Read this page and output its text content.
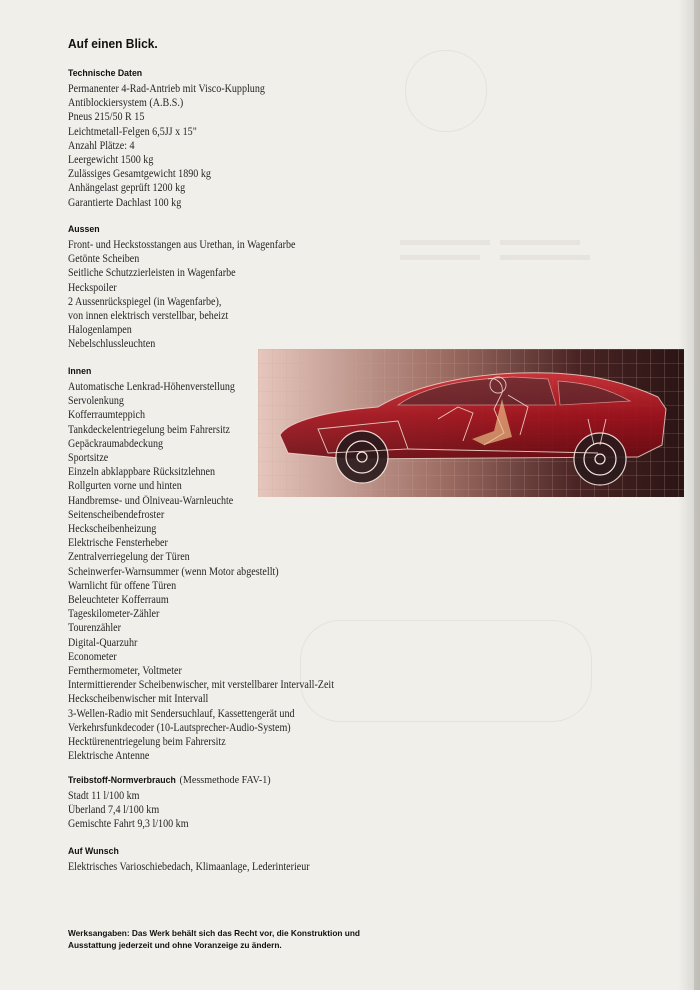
Auf einen Blick.
Technische Daten
Permanenter 4-Rad-Antrieb mit Visco-Kupplung
Antiblockiersystem (A.B.S.)
Pneus 215/50 R 15
Leichtmetall-Felgen 6,5JJ x 15"
Anzahl Plätze: 4
Leergewicht 1500 kg
Zulässiges Gesamtgewicht 1890 kg
Anhängelast geprüft 1200 kg
Garantierte Dachlast 100 kg
Aussen
Front- und Heckstosstangen aus Urethan, in Wagenfarbe
Getönte Scheiben
Seitliche Schutzzierleisten in Wagenfarbe
Heckspoiler
2 Aussenrückspiegel (in Wagenfarbe),
von innen elektrisch verstellbar, beheizt
Halogenlampen
Nebelschlussleuchten
Innen
Automatische Lenkrad-Höhenverstellung
Servolenkung
Kofferraumteppich
Tankdeckelentriegelung beim Fahrersitz
Gepäckraumabdeckung
Sportsitze
Einzeln abklappbare Rücksitzlehnen
Rollgurten vorne und hinten
Handbremse- und Ölniveau-Warnleuchte
Seitenscheibendefroster
Heckscheibenheizung
Elektrische Fensterheber
Zentralverriegelung der Türen
Scheinwerfer-Warnsummer (wenn Motor abgestellt)
Warnlicht für offene Türen
Beleuchteter Kofferraum
Tageskilometer-Zähler
Tourenzähler
Digital-Quarzuhr
Econometer
Fernthermometer, Voltmeter
Intermittierender Scheibenwischer, mit verstellbarer Intervall-Zeit
Heckscheibenwischer mit Intervall
3-Wellen-Radio mit Sendersuchlauf, Kassettengerät und
Verkehrsfunkdecoder (10-Lautsprecher-Audio-System)
Hecktürenentriegelung beim Fahrersitz
Elektrische Antenne
Treibstoff-Normverbrauch (Messmethode FAV-1)
Stadt 11 l/100 km
Überland 7,4 l/100 km
Gemischte Fahrt 9,3 l/100 km
Auf Wunsch
Elektrisches Varioschiebedach, Klimaanlage, Lederinterieur
Werksangaben: Das Werk behält sich das Recht vor, die Konstruktion und
Ausstattung jederzeit und ohne Voranzeige zu ändern.
